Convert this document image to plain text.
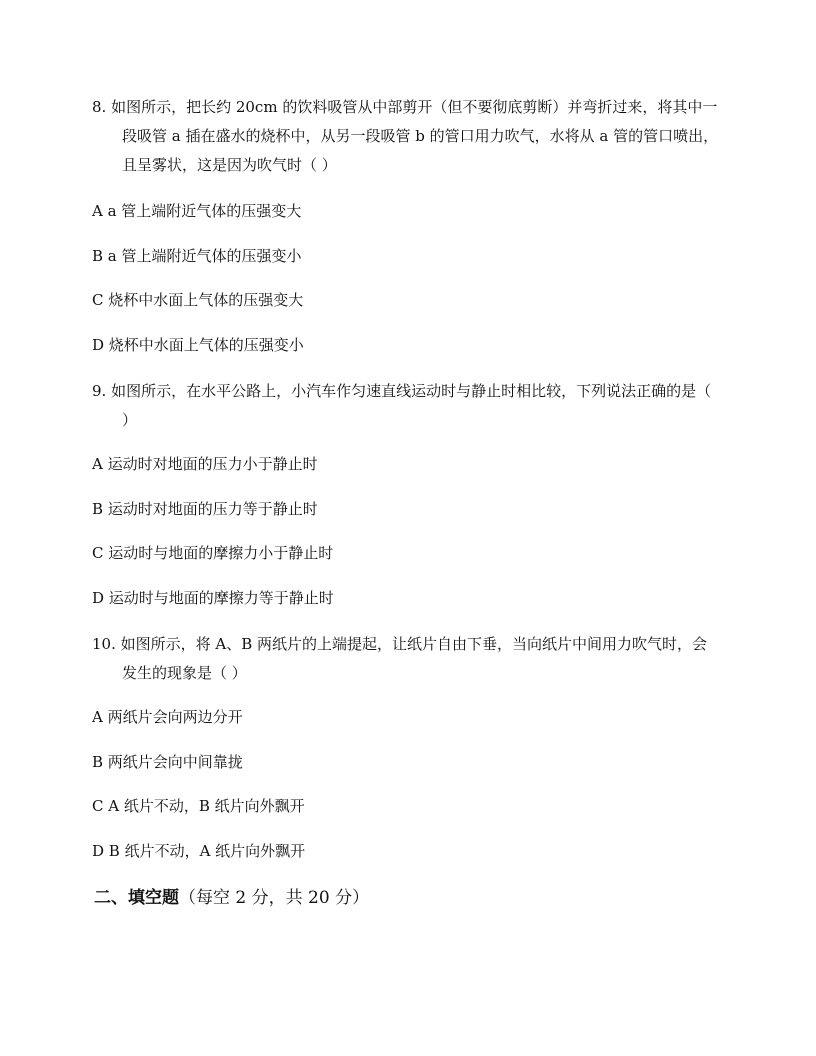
8. 如图所示，把长约 20cm 的饮料吸管从中部剪开（但不要彻底剪断）并弯折过来，将其中一段吸管 a 插在盛水的烧杯中，从另一段吸管 b 的管口用力吹气，水将从 a 管的管口喷出，且呈雾状，这是因为吹气时（ ）
A a 管上端附近气体的压强变大
B a 管上端附近气体的压强变小
C 烧杯中水面上气体的压强变大
D 烧杯中水面上气体的压强变小
9. 如图所示，在水平公路上，小汽车作匀速直线运动时与静止时相比较，下列说法正确的是（ ）
A 运动时对地面的压力小于静止时
B 运动时对地面的压力等于静止时
C 运动时与地面的摩擦力小于静止时
D 运动时与地面的摩擦力等于静止时
10. 如图所示，将 A、B 两纸片的上端提起，让纸片自由下垂，当向纸片中间用力吹气时，会发生的现象是（ ）
A 两纸片会向两边分开
B 两纸片会向中间靠拢
C A 纸片不动，B 纸片向外飘开
D B 纸片不动，A 纸片向外飘开
二、填空题（每空 2 分，共 20 分）
